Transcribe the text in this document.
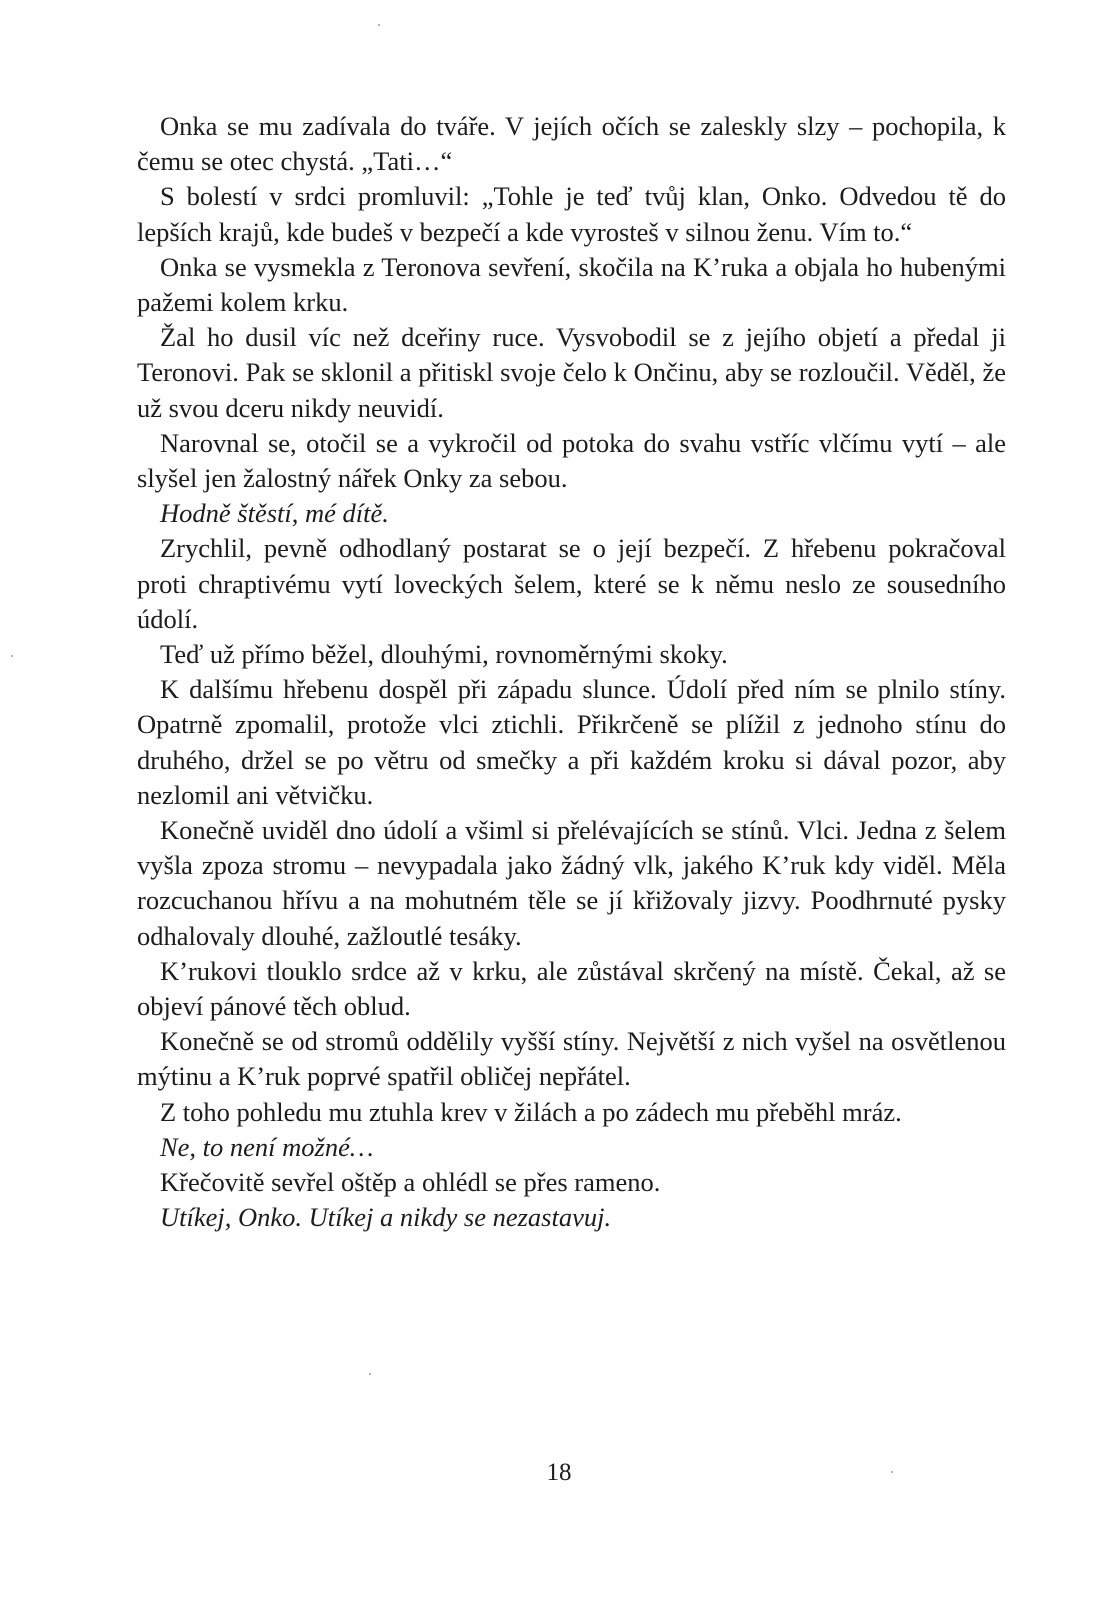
Onka se mu zadívala do tváře. V jejích očích se zaleskly slzy – pochopila, k čemu se otec chystá. „Tati…“

S bolestí v srdci promluvil: „Tohle je teď tvůj klan, Onko. Odvedou tě do lepších krajů, kde budeš v bezpečí a kde vyrosteš v silnou ženu. Vím to.“

Onka se vysmekla z Teronova sevření, skočila na K’ruka a objala ho hubenými pažemi kolem krku.

Žal ho dusil víc než dceřiny ruce. Vysvobodil se z jejího objetí a předal ji Teronovi. Pak se sklonil a přitiskl svoje čelo k Ončinu, aby se rozloučil. Věděl, že už svou dceru nikdy neuvidí.

Narovnal se, otočil se a vykročil od potoka do svahu vstříc vlčímu vytí – ale slyšel jen žalostný nářek Onky za sebou.

Hodně štěstí, mé dítě.

Zrychlil, pevně odhodlaný postarat se o její bezpečí. Z hřebenu pokračoval proti chraptivému vytí loveckých šelem, které se k němu neslo ze sousedního údolí.

Teď už přímo běžel, dlouhými, rovnoměrnými skoky.

K dalšímu hřebenu dospěl při západu slunce. Údolí před ním se plnilo stíny. Opatrně zpomalil, protože vlci ztichli. Přikrčeně se plížil z jednoho stínu do druhého, držel se po větru od smečky a při každém kroku si dával pozor, aby nezlomil ani větvičku.

Konečně uviděl dno údolí a všiml si přelévajících se stínů. Vlci. Jedna z šelem vyšla zpoza stromu – nevypadala jako žádný vlk, jakého K’ruk kdy viděl. Měla rozcuchanou hřívu a na mohutném těle se jí křižovaly jizvy. Poodhrnuté pysky odhalovaly dlouhé, zažloutlé tesáky.

K’rukovi tlouklo srdce až v krku, ale zůstával skrčený na místě. Čekal, až se objeví pánové těch oblud.

Konečně se od stromů oddělily vyšší stíny. Největší z nich vyšel na osvětlenou mýtinu a K’ruk poprvé spatřil obličej nepřátel.

Z toho pohledu mu ztuhla krev v žilách a po zádech mu přeběhl mráz.

Ne, to není možné…

Křečovitě sevřel oštěp a ohlédl se přes rameno.

Utíkej, Onko. Utíkej a nikdy se nezastavuj.

18
